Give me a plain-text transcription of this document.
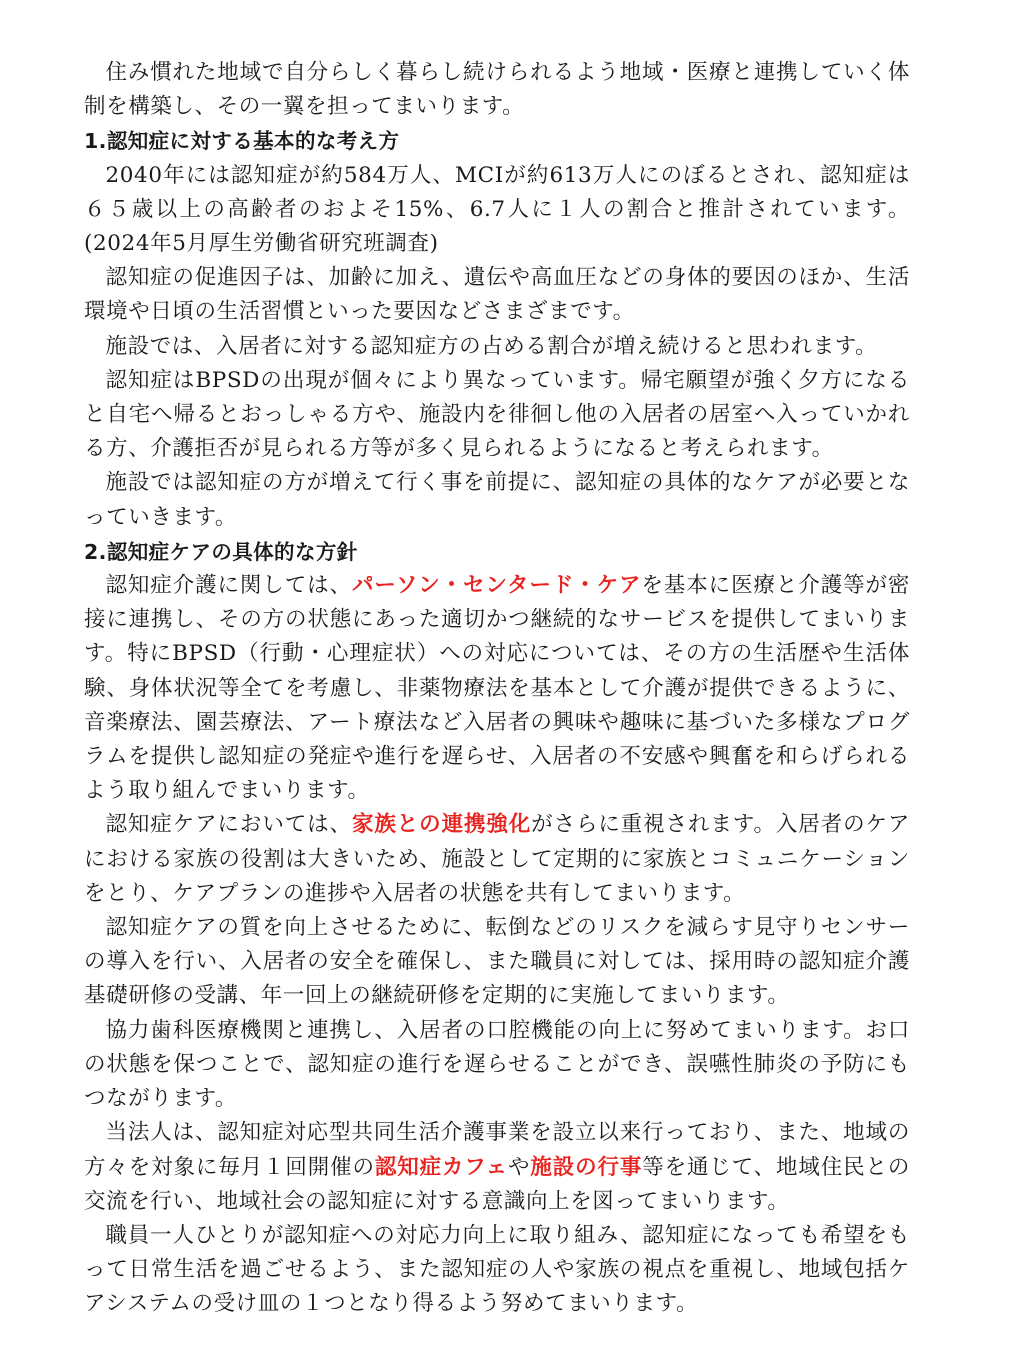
住み慣れた地域で自分らしく暮らし続けられるよう地域・医療と連携していく体制を構築し、その一翼を担ってまいります。

1.認知症に対する基本的な考え方

2040年には認知症が約584万人、MCIが約613万人にのぼるとされ、認知症は６５歳以上の高齢者のおよそ15%、6.7人に１人の割合と推計されています。(2024年5月厚生労働省研究班調査)

認知症の促進因子は、加齢に加え、遺伝や高血圧などの身体的要因のほか、生活環境や日頃の生活習慣といった要因などさまざまです。

施設では、入居者に対する認知症方の占める割合が増え続けると思われます。

認知症はBPSDの出現が個々により異なっています。帰宅願望が強く夕方になると自宅へ帰るとおっしゃる方や、施設内を徘徊し他の入居者の居室へ入っていかれる方、介護拒否が見られる方等が多く見られるようになると考えられます。

施設では認知症の方が増えて行く事を前提に、認知症の具体的なケアが必要となっていきます。

2.認知症ケアの具体的な方針

認知症介護に関しては、パーソン・センタード・ケアを基本に医療と介護等が密接に連携し、その方の状態にあった適切かつ継続的なサービスを提供してまいります。特にBPSD（行動・心理症状）への対応については、その方の生活歴や生活体験、身体状況等全てを考慮し、非薬物療法を基本として介護が提供できるように、音楽療法、園芸療法、アート療法など入居者の興味や趣味に基づいた多様なプログラムを提供し認知症の発症や進行を遅らせ、入居者の不安感や興奮を和らげられるよう取り組んでまいります。

認知症ケアにおいては、家族との連携強化がさらに重視されます。入居者のケアにおける家族の役割は大きいため、施設として定期的に家族とコミュニケーションをとり、ケアプランの進捗や入居者の状態を共有してまいります。

認知症ケアの質を向上させるために、転倒などのリスクを減らす見守りセンサーの導入を行い、入居者の安全を確保し、また職員に対しては、採用時の認知症介護基礎研修の受講、年一回上の継続研修を定期的に実施してまいります。

協力歯科医療機関と連携し、入居者の口腔機能の向上に努めてまいります。お口の状態を保つことで、認知症の進行を遅らせることができ、誤嚥性肺炎の予防にもつながります。

当法人は、認知症対応型共同生活介護事業を設立以来行っており、また、地域の方々を対象に毎月１回開催の認知症カフェや施設の行事等を通じて、地域住民との交流を行い、地域社会の認知症に対する意識向上を図ってまいります。

職員一人ひとりが認知症への対応力向上に取り組み、認知症になっても希望をもって日常生活を過ごせるよう、また認知症の人や家族の視点を重視し、地域包括ケアシステムの受け皿の１つとなり得るよう努めてまいります。
